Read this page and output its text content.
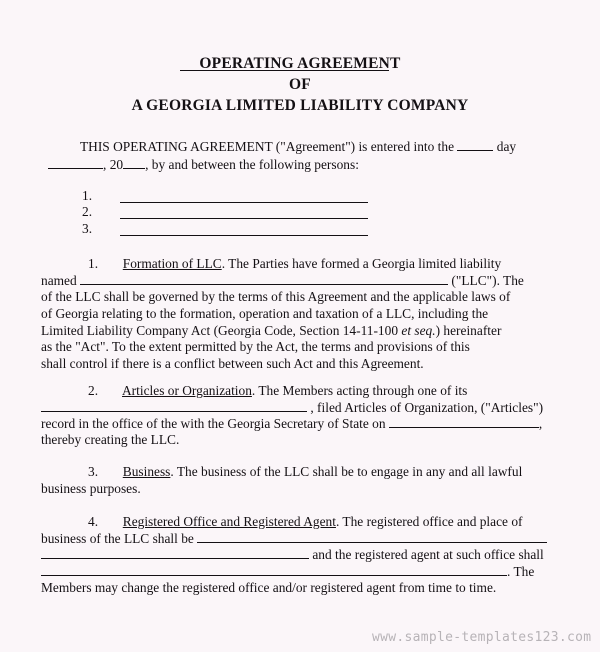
OPERATING AGREEMENT
OF
A GEORGIA LIMITED LIABILITY COMPANY
THIS OPERATING AGREEMENT ("Agreement") is entered into the	day
, 20 , by and between the following persons:
1.
2.
3.
1. Formation of LLC. The Parties have formed a Georgia limited liability
named	("LLC"). The
of the LLC shall be governed by the terms of this Agreement and the applicable laws of
of Georgia relating to the formation, operation and taxation of a LLC, including the
Limited Liability Company Act (Georgia Code, Section 14-11-100 et seq.) hereinafter
as the "Act". To the extent permitted by the Act, the terms and provisions of this
shall control if there is a conflict between such Act and this Agreement.
2. Articles or Organization. The Members acting through one of its
, filed Articles of Organization, ("Articles")
record in the office of the with the Georgia Secretary of State on	,
thereby creating the LLC.
3. Business. The business of the LLC shall be to engage in any and all lawful
business purposes.
4. Registered Office and Registered Agent. The registered office and place of
business of the LLC shall be
and the registered agent at such office shall
. The
Members may change the registered office and/or registered agent from time to time.
www.sample-templates123.com
